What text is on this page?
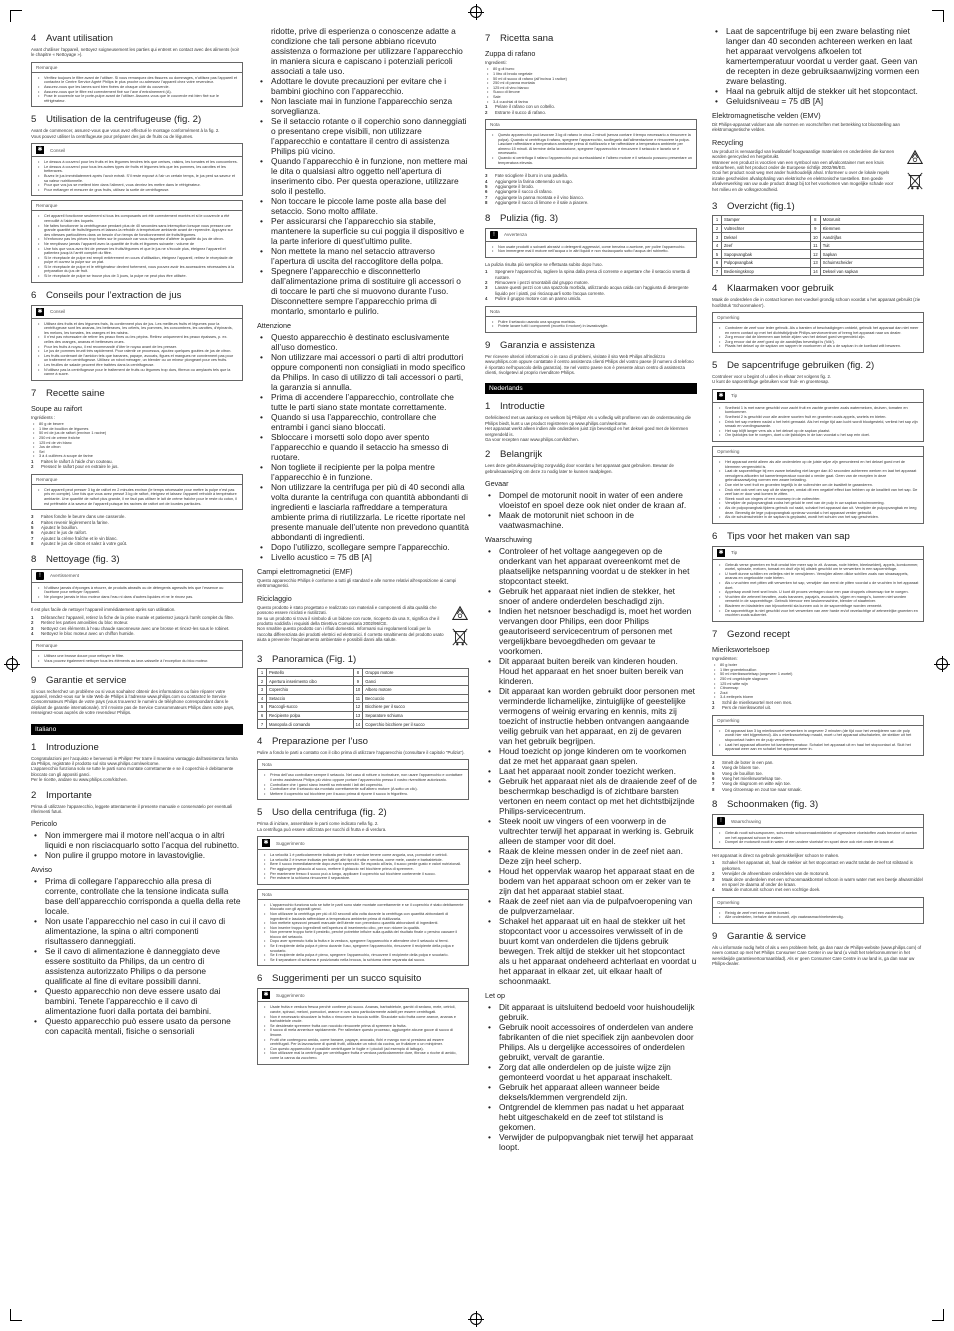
4 Avant utilisation

Avant d’utiliser l’appareil, nettoyez soigneusement les parties qui entrent en contact avec des aliments (voir le chapitre « Nettoyage »).

Remarque
• Vérifiez toujours le filtre avant de l’utiliser. Si vous remarquez des fissures ou dommages, n’utilisez pas l’appareil et contactez le Centre Service Agréé Philips le plus proche ou adressez l’appareil chez votre revendeur.
• Assurez-vous que les lames sont bien fixées de chaque côté du couvercle.
• Assurez-vous que le filtre est correctement fixé sur l’axe d’entraînement (A).
• Pose le couvercle sur le porte-pulpe avant de l’utiliser. Assurez-vous que le couvercle est bien fixé sur le réfrigérateur.
5 Utilisation de la centrifugeuse (fig. 2)

Avant de commencer, assurez-vous que vous avez effectué le montage conformément à la fig. 2.
Vous pouvez utiliser la centrifugeuse pour préparer des jus de fruits ou de légumes.

✱	Conseil
• Le dessus à couvercl pour les fruits et les légumes tendres tels que cerises, raisins, les tomates et les concombres.
• Le dessus à couvercl pour tous les autres types de fruits et légumes tels que les pommes, les carottes et les betteraves.
• Buvez le jus immédiatement après l’avoir extrait. S’il reste exposé à l’air un certain temps, le jus perd sa saveur et sa valeur nutritionnelle.
• Pour que vos jus se mettent bien dans l’aliment, vous devriez les mettre dans le réfrigérateur.
• Pour mélanger et mesurer de gros fruits, utilisez la sortie de centrifugeuse.
Remarque
• Cet appareil fonctionne seulement si tous les composants ont été correctement montés et si le couvercle a été verrouillé à l’aide des loquets.
• Ne faites fonctionner la centrifugeuse pendant plus de 40 secondes sans interruption lorsque vous pressez une grande quantité de fruits/légumes et laissez-la refroidir à température ambiante avant de reprendre. Appuyez sur des vitesses particulières dans un besoin d’un temps de fonctionnement de fruits/légumes.
• N’enfoncez pas les pièces trop fortes sur le poussoir car vous risqueriez d’altérer la qualité du jus de citron.
• Ne remplissez jamais l’appareil avec la quantité de fruits et légumes suivante : volume de
• Une fois que vous avez fini de presser les fruits/légumes et que le jus ne s’écoule plus, éteignez l’appareil et patientez jusqu’à l’arrêt complet du filtre.
• Si le réceptacle de pulpe est rempli entièrement en cours d’utilisation, éteignez l’appareil, retirez le réceptacle de pulpe et ouvrez la pulpe sur un plat.
• Si le réceptacle de pulpe et le réfrigérateur devient fortement, vous pouvez avoir les accessoires nécessaires à la préparation du jus de fruit.
• Si le réceptacle de pulpe se trouve plus de 3 jours, la pulpe ne peut plus être utilisée.
6 Conseils pour l’extraction de jus
✱	Conseil
• Utilisez des fruits et des légumes frais, ils contiennent plus de jus. Les meilleurs fruits et légumes pour la centrifugeuse sont les ananas, les betteraves, les céleris, les pommes, les concombres, les carottes, d’épinards, les melons, les tomates, les oranges et les raisins.
• Il n’est pas nécessaire de retirer les peaux fines ou les pépins. Retirez uniquement les peaux épaisses, p. ex. celles des oranges, ananas et betteraves crues.
• Pour les fruits à noyau, il est recommandé d’ôter le noyau avant de les presser.
• Le jus de pommes brunit très rapidement. Pour ralentir ce processus, ajoutez quelques gouttes de jus de citron.
• Les fruits contenant de l’amidon tels que bananes, papaye, avocats, figues et mangues ne conviennent pas pour un traitement en centrifugeuse. Utilisez un robot ménager, un blender ou un mixeur plongeant pour ces fruits.
• Les feuilles de salade peuvent être traitées dans la centrifugeuse.
• N’utilisez pas la centrifugeuse pour le traitement de fruits ou légumes trop durs, fibreux ou amylacés tels que la canne à sucre.
7 Recette saine
Soupe au raifort

Ingrédients :

• 80 g de beurre
• 1 litre de bouillon de légumes
• 50 ml de jus de raifort (environ 1 racine)
• 250 ml de crème fraîche
• 125 ml de vin blanc
• Jus de citron
• Sel
• 3 à 4 cuillères à soupe de farine
1	Faites le raifort à l’aide d’un couteau.
2	Pressez le raifort pour en extraire le jus.
Remarque
• Cet appareil peut presser 3 kg de raifort en 2 minutes environ (le temps nécessaire pour mettre la pulpe n’est pas pris en compte). Une fois que vous avez pressé 3 kg de raifort, éteignez et laissez l’appareil refroidir à température ambiante. Une quantité de raifort plus grande, il ne faut pas utiliser le lait de crème fraîche pour le reste du coton, il est préférable à la saveur de l’appareil puisque les racines de raifort ont de lourdes particules.
3	Faites fondre le beurre dans une casserole.
4	Faites revenir légèrement la farine.
5	Ajoutez le bouillon.
6	Ajoutez le jus de raifort.
7	Ajoutez la crème fraîche et le vin blanc.
8	Ajoutez le jus de citron et salez à votre goût.
8 Nettoyage (fig. 3)
!	Avertissement
• N’utilisez jamais d’éponges à récurer, de produits abrasifs ou de détergents agressifs tels que l’essence ou l’acétone pour nettoyer l’appareil.
• Ne plongez jamais le bloc moteur dans l’eau ni dans d’autres liquides et ne le rincez pas.

Il est plus facile de nettoyer l’appareil immédiatement après son utilisation.

1	Débranchez l’appareil, retirez la fiche de la prise murale et patientez jusqu’à l’arrêt complet du filtre.
2	Retirez les parties amovibles du bloc moteur.
3	Nettoyez ces éléments à l’eau chaude savonneuse avec une brosse et rincez-les sous le robinet.
4	Nettoyez le bloc moteur avec un chiffon humide.
Remarque
• Utilisez une brosse douce pour nettoyer le filtre.
• Vous pouvez également nettoyer tous les éléments au lave-vaisselle à l’exception du bloc moteur.
9 Garantie et service

Si vous recherchez un problème ou si vous souhaitez obtenir des informations ou faire réparer votre appareil, rendez-vous sur le site Web de Philips à l’adresse www.philips.com ou contactez le Service Consommateurs Philips de votre pays (vous trouverez le numéro de téléphone correspondant dans le dépliant de garantie internationale). S’il n’existe pas de Service Consommateurs Philips dans votre pays, renseignez-vous auprès de votre revendeur Philips.

Italiano
1 Introduzione

Congratulazioni per l’acquisto e benvenuti in Philips! Per trarre il massimo vantaggio dall’assistenza fornita da Philips, registrate il prodotto sul sito www.philips.com/welcome.
L’apparecchio funziona solo se tutte le parti sono montate correttamente e se il coperchio è debitamente bloccato con gli appositi ganci.
Per le ricette, andare su www.philips.com/kitchen.

2 Importante

Prima di utilizzare l’apparecchio, leggete attentamente il presente manuale e conservatelo per eventuali riferimenti futuri.

Pericolo
• Non immergere mai il motore nell’acqua o in altri liquidi e non risciacquarlo sotto l’acqua del rubinetto.
• Non pulire il gruppo motore in lavastoviglie.
Avviso
• Prima di collegare l’apparecchio alla presa di corrente, controllate che la tensione indicata sulla base dell’apparecchio corrisponda a quella della rete locale.
• Non usate l’apparecchio nel caso in cui il cavo di alimentazione, la spina o altri componenti risultassero danneggiati.
• Se il cavo di alimentazione è danneggiato deve essere sostituito da Philips, da un centro di assistenza autorizzato Philips o da persone qualificate al fine di evitare possibili danni.
• Questo apparecchio non deve essere usato dai bambini. Tenete l’apparecchio e il cavo di alimentazione fuori dalla portata dei bambini.
• Questo apparecchio può essere usato da persone con capacità mentali, fisiche o sensoriali
ridotte, prive di esperienza o conoscenze adatte a condizione che tali persone abbiano ricevuto assistenza o formazione per utilizzare l’apparecchio in maniera sicura e capiscano i potenziali pericoli associati a tale uso.
• Adottare le dovute precauzioni per evitare che i bambini giochino con l’apparecchio.
• Non lasciate mai in funzione l’apparecchio senza sorveglianza.
• Se il setaccio rotante o il coperchio sono danneggiati o presentano crepe visibili, non utilizzare l’apparecchio e contattare il centro di assistenza Philips più vicino.
• Quando l’apparecchio è in funzione, non mettere mai le dita o qualsiasi altro oggetto nell’apertura di inserimento cibo. Per questa operazione, utilizzare solo il pestello.
• Non toccare le piccole lame poste alla base del setaccio. Sono molto affilate.
• Per assicurarsi che l’apparecchio sia stabile, mantenere la superficie su cui poggia il dispositivo e la parte inferiore di quest’ultimo pulite.
• Non mettete la mano nel setaccio attraverso l’apertura di uscita del raccoglitore della polpa.
• Spegnere l’apparecchio e disconnetterlo dall’alimentazione prima di sostituire gli accessori o di toccare le parti che si muovono durante l’uso. Disconnettere sempre l’apparecchio prima di montarlo, smontarlo e pulirlo.
Attenzione
• Questo apparecchio è destinato esclusivamente all’uso domestico.
• Non utilizzare mai accessori o parti di altri produttori oppure componenti non consigliati in modo specifico da Philips. In caso di utilizzo di tali accessori o parti, la garanzia si annulla.
• Prima di accendere l’apparecchio, controllate che tutte le parti siano state montate correttamente.
• Quando si usa l’apparecchio, controllare che entrambi i ganci siano bloccati.
• Sbloccare i morsetti solo dopo aver spento l’apparecchio e quando il setaccio ha smesso di ruotare.
• Non togliete il recipiente per la polpa mentre l’apparecchio è in funzione.
• Non utilizzare la centrifuga per più di 40 secondi alla volta durante la centrifuga con quantità abbondanti di ingredienti e lasciarla raffreddare a temperatura ambiente prima di riutilizzarla. Le ricette riportate nel presente manuale dell’utente non prevedono quantità abbondanti di ingredienti.
• Dopo l’utilizzo, scollegare sempre l’apparecchio.
• Livello acustico = 75 dB [A]
Campi elettromagnetici (EMF)

Questo apparecchio Philips è conforme a tutti gli standard e alle norme relativi all’esposizione ai campi elettromagnetici.

Riciclaggio

Questo prodotto è stato progettato e realizzato con materiali e componenti di alta qualità che possono essere riciclati e riutilizzati.
Se su un prodotto si trova il simbolo di un bidone con ruote, ricoperto da una X, significa che il prodotto soddisfa i requisiti della Direttiva Comunitaria 2002/96/CE.
Non smaltire questo prodotto con i rifiuti domestici. Informarsi sui regolamenti locali per la raccolta differenziata dei prodotti elettrici ed elettronici. Il corretto smaltimento del prodotto usato aiuta a prevenire l’inquinamento ambientale e possibili danni alla salute.

3 Panoramica (Fig. 1)
1	Pestello	8	Gruppo motore
2	Apertura inserimento cibo	9	Ganci
3	Coperchio	10	Albero motore
4	Setaccio	11	Beccuccio
5	Raccogli-succo	12	Bicchiere per il succo
6	Recipiente polpa	13	Separatore schiuma
7	Manopola di comando	14	Coperchio bicchiere per il succo
4 Preparazione per l’uso

Pulire a fondo le parti a contatto con il cibo prima di utilizzare l’apparecchio (consultare il capitolo "Pulizia").

Nota
• Prima dell’uso controllare sempre il setaccio. Nel caso di rotture o incrinature, non usare l’apparecchio e contattare il centro assistenza Philips più vicino oppure portare l’apparecchio presso il vostro rivenditore autorizzato.
• Controllare che i ganci siano inseriti su entrambi i lati del coperchio.
• Controllare che il setaccio sia montato correttamente sull’albero motore (A sotto un clic).
• Mettere il coperchio sul bicchiere per il succo prima di riporre il succo in frigorifero.
5 Uso della centrifuga (fig. 2)

Prima di iniziare, assemblare le parti come indicato nella fig. 2.
La centrifuga può essere utilizzata per succhi di frutta e di verdura.

✱	Suggerimento
• La velocità 1 è particolarmente indicata per frutta e verdure tenere come anguria, uva, pomodori e cetrioli.
• La velocità 2 è invece indicata per tutti gli altri tipi di frutta e verdura, come mele, carote e barbabietole.
• Bere il succo immediatamente dopo averlo spremuto. Se esposto all’aria, il succo perde gusto e valori nutrizionali.
• Per aggiungere ghiaccio al succo, mettere il ghiaccio nel bicchiere prima di spremere.
• Per mantenere fresco il succo può a lungo, applicare il coperchio sul bicchiere contenente il succo.
• Per estrarre la schiuma rimuovere il separatore.
Nota
• L’apparecchio funziona solo se tutte le parti sono state montate correttamente e se il coperchio è stato debitamente bloccato con gli appositi ganci.
• Non utilizzare la centrifuga per più di 40 secondi alla volta durante la centrifuga con quantità abbondanti di ingredienti e lasciarla raffreddare a temperatura ambiente prima di riutilizzarla.
• Non mettete spezzoni pesanti manuale dell’utente non prevedono quantità abbondanti di ingredienti.
• Non inserire troppo ingredienti nell’apertura di inserimento cibo, per non ridurre la qualità.
• Non premere troppo forte il pestello, perché potrebbe influire sulla qualità del risultato finale o persino causare il blocco del setaccio.
• Dopo aver spremuto tutta la frutta e la verdura, spegnere l’apparecchio e attendere che il setaccio si fermi.
• Se il recipiente della polpa è pieno durante l’uso, spegnere l’apparecchio, rimuovere il recipiente della polpa e svuotarlo.
• Se il recipiente della polpa è pieno, spegnere l’apparecchio, rimuovere il recipiente della polpa e svuotarlo.
• Se il separatore di schiuma è posizionato nella brocca, la schiuma viene separata dal succo.
6 Suggerimenti per un succo squisito
✱	Suggerimento
• Usate frutta e verdura fresca perché contiene più succo. Ananas, barbabietole, gambi di sedano, mele, cetrioli, carote, spinaci, meloni, pomodori, arance e uva sono particolarmente adatti per essere centrifugati.
• Non è necessario sbucciare la frutta o rimuovere la buccia sottile. Sbucciate solo frutta come arance, ananas e barbabietole crude.
• Se desiderate spremere frutta con nocciolo rimuovete prima di spremere la frutta.
• Il succo di mela annerisce rapidamente. Per rallentare questo processo, aggiungete alcune gocce di succo di limone.
• Frutti che contengono amido, come banane, papaye, avocado, fichi e mango non si prestano ad essere centrifugati. Per la lavorazione di questi frutti, utilizzate un robot da cucina, un frullatore o un minipimer.
• Con questo apparecchio è possibile centrifugare le foglie e i piccioli (ad esempio di lattuga).
• Non utilizzare mai la centrifuga per centrifugare frutta e verdura particolarmente dure, fibrose o ricche di amido, come la canna da zucchero.
7 Ricetta sana
Zuppa di rafano

Ingredienti:

• 80 g di burro
• 1 litro di brodo vegetale
• 50 ml di succo di rafano (all’incirca 1 radice)
• 250 ml di panna montata
• 125 ml di vino bianco
• Succo di limone
• Sale
• 3-4 cucchiai di farina
1	Pelare il rafano con un coltello.
2	Estrarre il succo di rafano.
Nota
• Questo apparecchio può lavorare 3 kg di rafano in circa 2 minuti (senza contare il tempo necessario a rimuovere la polpa). Quando si centrifuga il rafano, spegnere l’apparecchio, scollegarlo dall’alimentazione e rimuovere la polpa. Lasciare raffreddare a temperatura ambiente prima di riutilizzarlo e far raffreddare a temperatura ambiente per almeno 15 minuti. Al termine della lavorazione, spegnere l’apparecchio e rimuovere il setaccio e lavarlo se è necessario.
• Quando si centrifuga il rafano l’apparecchio può surriscaldarsi e l’albero motore e il setaccio possono presentare un temperatura elevata.
3	Fate sciogliere il burro in una padella.
4	Aggiungete la farina ottenendo un sugo.
5	Aggiungete il brodo.
6	Aggiungete il succo di rafano.
7	Aggiungete la panna montata e il vino bianco.
8	Aggiungete il succo di limone e il sale a piacere.
8 Pulizia (fig. 3)
!	Avvertenza
• Non usate prodotti o solvanti abrasivi o detergenti aggressivi, come benzina o acetone, per pulire l’apparecchio.
• Non immergere mai il motore nell’acqua o in altri liquidi e non risciacquarlo sotto l’acqua del rubinetto.

La pulizia risulta più semplice se effettuata subito dopo l’uso.

1	Spegnere l’apparecchio, togliere la spina dalla presa di corrente e aspettare che il setaccio smetta di ruotare.
2	Rimuovere i pezzi smontabili dal gruppo motore.
3	Lavare questi pezzi con una spazzola morbida, utilizzando acqua calda con l’aggiunta di detergente liquido per i piatti, poi risciacquarli sotto l’acqua corrente.
4	Pulire il gruppo motore con un panno umido.
Nota
• Pulire il setaccio usando una spugna morbida.
• Potete lavare tutti i componenti (eccetto il motore) in lavastoviglie.
9 Garanzia e assistenza

Per ricevere ulteriori informazioni o in caso di problemi, visitate il sito Web Philips all’indirizzo www.philips.com oppure contattate il centro assistenza clienti Philips del vostro paese (il numero di telefono è riportato nell’opuscolo della garanzia). Se nel vostro paese non è presente alcun centro di assistenza clienti, rivolgetevi al proprio rivenditore Philips.

Nederlands
1 Introductie

Gefeliciteerd met uw aankoop en welkom bij Philips! Als u volledig wilt profiteren van de ondersteuning die Philips biedt, kunt u uw product registreren op www.philips.com/welcome.
Het apparaat werkt alleen indien alle onderdelen juist zijn bevestigd en het deksel goed met de klemmen vergrendeld is.
Ga voor recepten naar www.philips.com/kitchen.

2 Belangrijk

Lees deze gebruiksaanwijzing zorgvuldig door voordat u het apparaat gaat gebruiken. Bewaar de gebruiksaanwijzing om deze zo nodig later te kunnen raadplegen.

Gevaar
• Dompel de motorunit nooit in water of een andere vloeistof en spoel deze ook niet onder de kraan af.
• Maak de motorunit niet schoon in de vaatwasmachine.
Waarschuwing
• Controleer of het voltage aangegeven op de onderkant van het apparaat overeenkomt met de plaatselijke netspanning voordat u de stekker in het stopcontact steekt.
• Gebruik het apparaat niet indien de stekker, het snoer of andere onderdelen beschadigd zijn.
• Indien het netsnoer beschadigd is, moet het worden vervangen door Philips, een door Philips geautoriseerd servicecentrum of personen met vergelijkbare bevoegdheden om gevaar te voorkomen.
• Dit apparaat buiten bereik van kinderen houden. Houd het apparaat en het snoer buiten bereik van kinderen.
• Dit apparaat kan worden gebruikt door personen met verminderde lichamelijke, zintuiglijke of geestelijke vermogens of weinig ervaring en kennis, mits zij toezicht of instructie hebben ontvangen aangaande veilig gebruik van het apparaat, en zij de gevaren van het gebruik begrijpen.
• Houd toezicht op jonge kinderen om te voorkomen dat ze met het apparaat gaan spelen.
• Laat het apparaat nooit zonder toezicht werken.
• Gebruik het apparaat niet als de draaiende zeef of de beschermkap beschadigd is of zichtbare barsten vertonen en neem contact op met het dichtstbijzijnde Philips-servicecentrum.
• Steek nooit uw vingers of een voorwerp in de vultrechter terwijl het apparaat in werking is. Gebruik alleen de stamper voor dit doel.
• Raak de kleine messen onder in de zeef niet aan. Deze zijn heel scherp.
• Houd het oppervlak waarop het apparaat staat en de bodem van het apparaat schoon om er zeker van te zijn dat het apparaat stabiel staat.
• Raak de zeef niet aan via de pulpafvoeropening van de pulpverzamelaar.
• Schakel het apparaat uit en haal de stekker uit het stopcontact voor u accessoires verwisselt of in de buurt komt van onderdelen die tijdens gebruik bewegen. Trek altijd de stekker uit het stopcontact als u het apparaat ondeheerd achterlaat en voordat u het apparaat in elkaar zet, uit elkaar haalt of schoonmaakt.
Let op
• Dit apparaat is uitsluitend bedoeld voor huishoudelijk gebruik.
• Gebruik nooit accessoires of onderdelen van andere fabrikanten of die niet specifiek zijn aanbevolen door Philips. Als u dergelijke accessoires of onderdelen gebruikt, vervalt de garantie.
• Zorg dat alle onderdelen op de juiste wijze zijn gemonteerd voordat u het apparaat inschakelt.
• Gebruik het apparaat alleen wanneer beide deksels/klemmen vergrendeld zijn.
• Ontgrendel de klemmen pas nadat u het apparaat hebt uitgeschakeld en de zeef tot stilstand is gekomen.
• Verwijder de pulpopvangbak niet terwijl het apparaat loopt.
• Laat de sapcentrifuge bij een zware belasting niet langer dan 40 seconden achtereen werken en laat het apparaat vervolgens afkoelen tot kamertemperatuur voordat u verder gaat. Geen van de recepten in deze gebruiksaanwijzing vormen een zware belasting.
• Haal na gebruik altijd de stekker uit het stopcontact.
• Geluidsniveau = 75 dB [A]
Elektromagnetische velden (EMV)

Dit Philips-apparaat voldoet aan alle normen en voorschriften met betrekking tot blootstelling aan elektromagnetische velden.

Recycling

Uw product is vervaardigd van kwalitatief hoogwaardige materialen en onderdelen die kunnen worden gerecycled en hergebruikt.
Wanneer een product is voorzien van een symbool van een afvalcontainer met een kruis erdoorheen, valt het product onder de Europese richtlijn 2002/96/EG.
Gooi het product nooit weg met ander huishoudelijk afval. Informeer u over de lokale regels inzake gescheiden afvalophaling van elektrische en elektronische toestellen. Een goede afvalverwerking van uw oude product draagt bij tot het voorkomen van mogelijke schade voor het milieu en de volksgezondheid.

3 Overzicht (fig.1)
1	Stamper	8	Motorunit
2	Vultrechter	9	Klemmen
3	Deksel	10	Aandrijfas
4	Zeef	11	Tuit
5	Sapopvangbak	12	Sapkan
6	Pulpopvangbak	13	Schuimscheider
7	Bedieningsknop	14	Deksel van sapkan
4 Klaarmaken voor gebruik

Maak de onderdelen die in contact komen met voedsel grondig schoon voordat u het apparaat gebruikt (zie hoofdstuk 'Schoonmaken').

Opmerking
• Controleer de zeef voor ieder gebruik. Als u barsten of beschadigingen ontdekt, gebruik het apparaat dan niet meer en neem contact op met het dichtstbijzijnde Philips-servicecentrum of breng het apparaat naar uw dealer.
• Zorg ervoor dat de klemmen aan beide zijden van het deksel goed vergrendeld zijn.
• Zorg ervoor dat de zeef goed op de aandrijfas bevestigd is (‘klik’).
• Plaats het deksel op de sapkan om sappen te voorkomen of als u de sapkan in de koelkast wilt bewaren.
5 De sapcentrifuge gebruiken (fig. 2)

Controleer voor u begint of u alles in elkaar zet volgens fig. 2.
U kunt de sapcentrifuge gebruiken voor fruit- en groentesap.

✱	Tip
• Snelheid 1 is met name geschikt voor zacht fruit en zachte groenten zoals watermeloen, druiven, tomaten en komkommer.
• Snelheid 2 is geschikt voor alle andere soorten fruit en groenten zoals appels, wortels en bieten.
• Drink het sap meteen nadat u het hebt gemaakt. Als het enige tijd aan lucht wordt blootgesteld, verliest het sap zijn smaak en voedingswaarde.
• Het sap blijft langer vers als u het deksel op de sapkan plaatst.
• Om ijsblokjes toe te voegen, doet u de ijsblokjes in de kan voordat u het sap erin doet.
Opmerking
• Het apparaat werkt alleen als alle onderdelen op de juiste wijze zijn gemonteerd en het deksel goed met de klemmen vergrendeld is.
• Laat de sapcentrifuge bij een zware belasting niet langer dan 40 seconden achtereen werken en laat het apparaat vervolgens afkoelen tot kamertemperatuur voordat u verder gaat. Geen van de recepten in deze gebruiksaanwijzing vormen een zware belasting.
• Doe niet te veel fruit en groenten tegelijk in de vultrechter om de kwaliteit te garanderen.
• Druk niet ook veel om sap uit de stamper, omdat dit een negatief effect kan hebben op de kwaliteit van het sap. De zeef kan er door vast komen te zitten.
• Steek nooit uw vingers of een voorwerp in de vultrechter.
• Verwijder de pulpopvangbak zodra het geluid te veel van de pulp in uw sapkan schuimvorming.
• Als de pulpopvangbak tijdens gebruik vol raakt, schakel het apparaat dan uit. Verwijder de pulpopvangbak en leeg deze. Bevestig de lege pulpopvangbak opnieuw voordat u het apparaat verder gebruikt.
• Als de schuimscheider in de sapkan is geplaatst, wordt het schuim van het sap gescheiden.
6 Tips voor het maken van sap
✱	Tip
• Gebruik verse groenten en fruit omdat hier meer sap in zit. Ananas, rode bieten, bleekselderij, appels, komkommer, wortel, spinazie, meloen, tomaat en druif zijn bij uitstek geschikt om te verwerken in een sapcentrifuge.
• U hoeft dunne schillen en velletjes niet te verwijderen. Verwijder alleen dikke schillen zoals van sinaasappels, ananas en ongekookte rode bieten.
• Als u vruchten met pitten wilt verwerken tot sap, verwijder dan eerst de pitten voordat u de vruchten in het apparaat doet.
• Appelsap wordt heel snel bruin. U kunt dit proces vertragen door een paar druppels citroensap toe te voegen.
• Vruchten die zetmeel bevatten, zoals bananen, papaja’s, avocado’s, vijgen en mango’s, kunnen niet worden verwerkt in de sapcentrifuge. Gebruik hiervoor een keukenmachine, blender of staafmixer.
• Bladeren en bladstelen van bijvoorbeeld sla kunnen ook in de sapcentrifuge worden verwerkt.
• De sapcentrifuge is niet geschikt voor het verwerken van zeer harde en/of vezelachtige of zetmeelrijke groenten en vruchten zoals suikerriet.
7 Gezond recept
Mierikswortelsoep

Ingrediënten:

• 80 g boter
• 1 liter groentebouillon
• 50 ml mierikswortelsap (ongeveer 1 wortel)
• 250 ml ongeklopte slagroom
• 125 ml witte wijn
• Citroensap
• Zout
• 3-4 eetlepels bloem
1	Schil de mierikswortel met een mes.
2	Pers de mierikswortel uit.
Opmerking
• Dit apparaat kan 3 kg mierikswortel verwerken in ongeveer 2 minuten (de tijd voor het verwijderen van de pulp wordt hier niet bijgerekend). Als u mierikswortelsap maakt, moet u het apparaat uitschakelen, de stekker uit het stopcontact halen en de pulp verwijderen.
• Laat het apparaat afkoelen tot kamertemperatuur. Schakel het apparaat uit en haal het stopcontact af. Sluit het apparaat weer aan en schakel het apparaat weer in.
3	Smelt de boter in een pan.
4	Voeg de bloem toe.
5	Voeg de bouillon toe.
6	Voeg het mierikswortelsap toe.
7	Voeg de slagroom en witte wijn toe.
8	Voeg citroensap en zout toe naar smaak.
8 Schoonmaken (fig. 3)
!	Waarschuwing
• Gebruik nooit schuursponzen, schurende schoonmaakmiddelen of agressieve vloeistoffen zoals benzine of aceton om het apparaat schoon te maken.
• Dompel de motorunit nooit in water of een andere vloeistof en spoel deze ook niet onder de kraan af.

Het apparaat is direct na gebruik gemakkelijker schoon te maken.

1	Schakel het apparaat uit, haal de stekker uit het stopcontact en wacht totdat de zeef tot stilstand is gekomen.
2	Verwijder de afneembare onderdelen van de motorunit.
3	Maak deze onderdelen met een schoonmaakborstel schoon in warm water met een beetje afwasmiddel en spoel ze daarna af onder de kraan.
4	Maak de motorunit schoon met een vochtige doek.
Opmerking
• Reinig de zeef met een zachte borstel.
• Alle onderdelen, behalve de motorunit, zijn vaatwasmachinebestendig.
9 Garantie & service

Als u informatie nodig hebt of als u een probleem hebt, ga dan naar de Philips-website (www.philips.com) of neem contact op met het Philips Consumer Care Center in uw land (u vindt het telefoonnummer in het wereldwijde garantievertoornaanblad). Als er geen Consumer Care Centre in uw land is, ga dan naar uw Philips-dealer.
